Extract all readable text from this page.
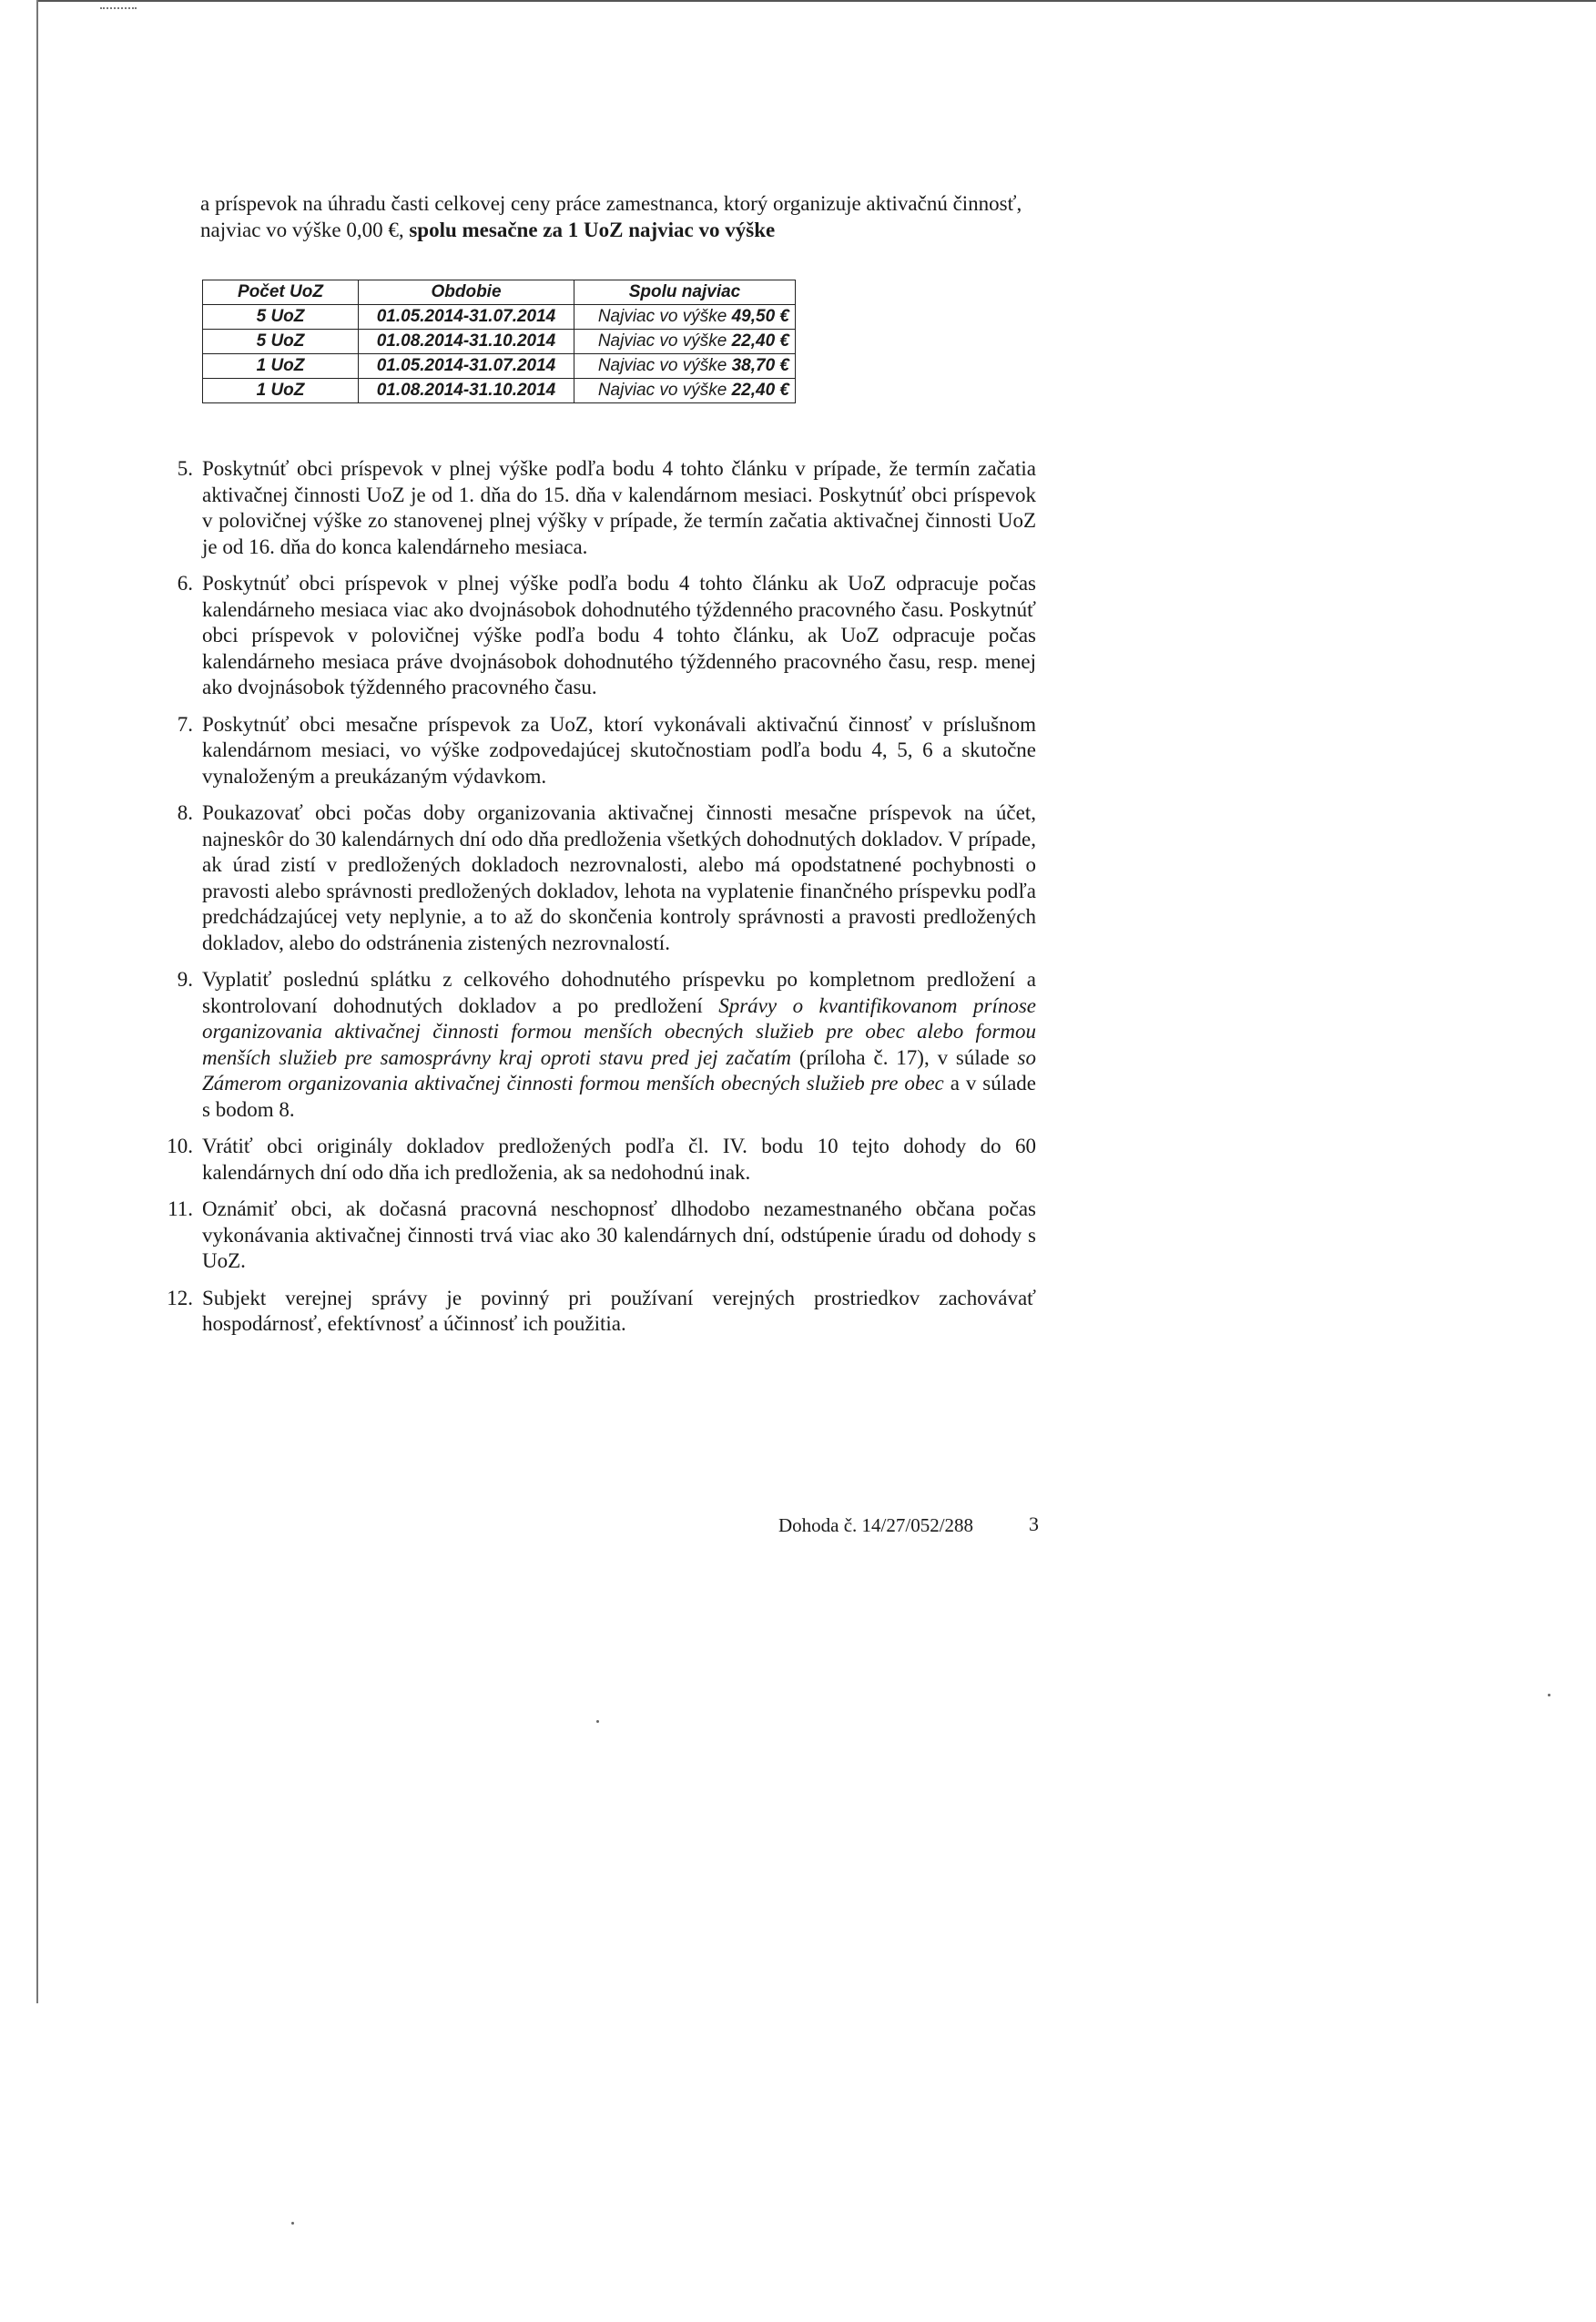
a príspevok na úhradu časti celkovej ceny práce zamestnanca, ktorý organizuje aktivačnú činnosť, najviac vo výške 0,00 €, spolu mesačne za 1 UoZ najviac vo výške

Počet UoZ	Obdobie	Spolu najviac
5 UoZ	01.05.2014-31.07.2014	Najviac vo výške 49,50 €
5 UoZ	01.08.2014-31.10.2014	Najviac vo výške 22,40 €
1 UoZ	01.05.2014-31.07.2014	Najviac vo výške 38,70 €
1 UoZ	01.08.2014-31.10.2014	Najviac vo výške 22,40 €
5. Poskytnúť obci príspevok v plnej výške podľa bodu 4 tohto článku v prípade, že termín začatia aktivačnej činnosti UoZ je od 1. dňa do 15. dňa v kalendárnom mesiaci. Poskytnúť obci príspevok v polovičnej výške zo stanovenej plnej výšky v prípade, že termín začatia aktivačnej činnosti UoZ je od 16. dňa do konca kalendárneho mesiaca.
6. Poskytnúť obci príspevok v plnej výške podľa bodu 4 tohto článku ak UoZ odpracuje počas kalendárneho mesiaca viac ako dvojnásobok dohodnutého týždenného pracovného času. Poskytnúť obci príspevok v polovičnej výške podľa bodu 4 tohto článku, ak UoZ odpracuje počas kalendárneho mesiaca práve dvojnásobok dohodnutého týždenného pracovného času, resp. menej ako dvojnásobok týždenného pracovného času.
7. Poskytnúť obci mesačne príspevok za UoZ, ktorí vykonávali aktivačnú činnosť v príslušnom kalendárnom mesiaci, vo výške zodpovedajúcej skutočnostiam podľa bodu 4, 5, 6 a skutočne vynaloženým a preukázaným výdavkom.
8. Poukazovať obci počas doby organizovania aktivačnej činnosti mesačne príspevok na účet, najneskôr do 30 kalendárnych dní odo dňa predloženia všetkých dohodnutých dokladov. V prípade, ak úrad zistí v predložených dokladoch nezrovnalosti, alebo má opodstatnené pochybnosti o pravosti alebo správnosti predložených dokladov, lehota na vyplatenie finančného príspevku podľa predchádzajúcej vety neplynie, a to až do skončenia kontroly správnosti a pravosti predložených dokladov, alebo do odstránenia zistených nezrovnalostí.
9. Vyplatiť poslednú splátku z celkového dohodnutého príspevku po kompletnom predložení a skontrolovaní dohodnutých dokladov a po predložení Správy o kvantifikovanom prínose organizovania aktivačnej činnosti formou menších obecných služieb pre obec alebo formou menších služieb pre samosprávny kraj oproti stavu pred jej začatím (príloha č. 17), v súlade so Zámerom organizovania aktivačnej činnosti formou menších obecných služieb pre obec a v súlade s bodom 8.
10. Vrátiť obci originály dokladov predložených podľa čl. IV. bodu 10 tejto dohody do 60 kalendárnych dní odo dňa ich predloženia, ak sa nedohodnú inak.
11. Oznámiť obci, ak dočasná pracovná neschopnosť dlhodobo nezamestnaného občana počas vykonávania aktivačnej činnosti trvá viac ako 30 kalendárnych dní, odstúpenie úradu od dohody s UoZ.
12. Subjekt verejnej správy je povinný pri používaní verejných prostriedkov zachovávať hospodárnosť, efektívnosť a účinnosť ich použitia.
Dohoda č. 14/27/052/288	3
